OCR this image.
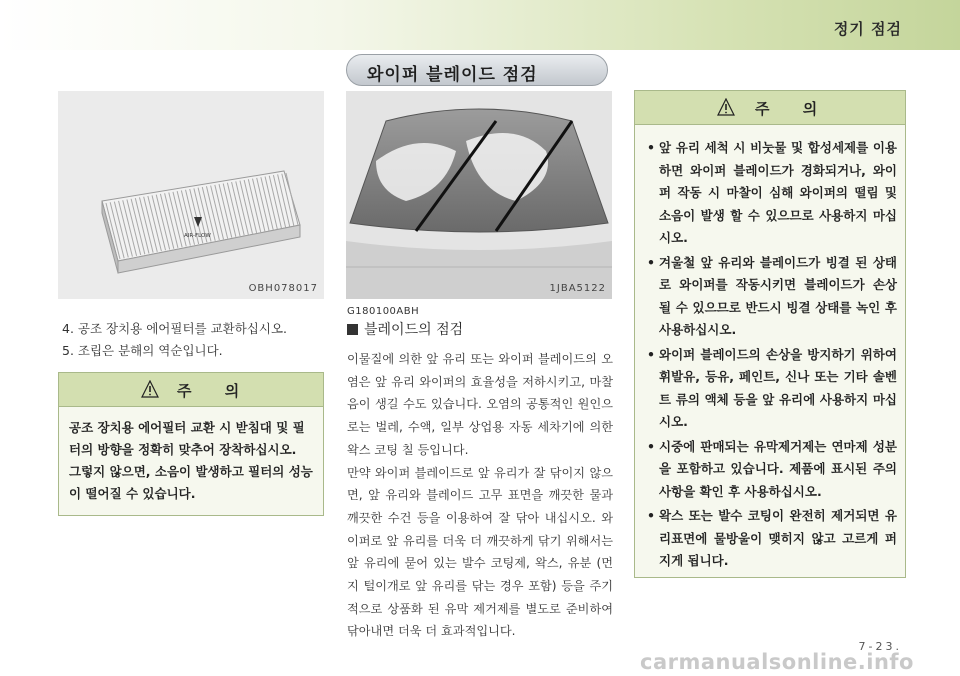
정기 점검
와이퍼 블레이드 점검
AIR-FLOW
OBH078017	1JBA5122
4. 공조 장치용 에어필터를 교환하십시오.
5. 조립은 분해의 역순입니다.
주 의

공조 장치용 에어필터 교환 시 받침대 및 필터의 방향을 정확히 맞추어 장착하십시오.

그렇지 않으면, 소음이 발생하고 필터의 성능이 떨어질 수 있습니다.

G180100ABH
블레이드의 점검
이물질에 의한 앞 유리 또는 와이퍼 블레이드의 오염은 앞 유리 와이퍼의 효율성을 저하시키고, 마찰음이 생길 수도 있습니다. 오염의 공통적인 원인으로는 벌레, 수액, 일부 상업용 자동 세차기에 의한 왁스 코팅 칠 등입니다.
만약 와이퍼 블레이드로 앞 유리가 잘 닦이지 않으면, 앞 유리와 블레이드 고무 표면을 깨끗한 물과 깨끗한 수건 등을 이용하여 잘 닦아 내십시오. 와이퍼로 앞 유리를 더욱 더 깨끗하게 닦기 위해서는 앞 유리에 묻어 있는 발수 코팅제, 왁스, 유분 (먼지 털이개로 앞 유리를 닦는 경우 포함) 등을 주기적으로 상품화 된 유막 제거제를 별도로 준비하여 닦아내면 더욱 더 효과적입니다.
주 의
• 앞 유리 세척 시 비눗물 및 합성세제를 이용하면 와이퍼 블레이드가 경화되거나, 와이퍼 작동 시 마찰이 심해 와이퍼의 떨림 및 소음이 발생 할 수 있으므로 사용하지 마십시오.
• 겨울철 앞 유리와 블레이드가 빙결 된 상태로 와이퍼를 작동시키면 블레이드가 손상 될 수 있으므로 반드시 빙결 상태를 녹인 후 사용하십시오.
• 와이퍼 블레이드의 손상을 방지하기 위하여 휘발유, 등유, 페인트, 신나 또는 기타 솔벤트 류의 액체 등을 앞 유리에 사용하지 마십시오.
• 시중에 판매되는 유막제거제는 연마제 성분을 포함하고 있습니다. 제품에 표시된 주의사항을 확인 후 사용하십시오.
• 왁스 또는 발수 코팅이 완전히 제거되면 유리표면에 물방울이 맺히지 않고 고르게 퍼지게 됩니다.
7-23.
carmanualsonline.info
